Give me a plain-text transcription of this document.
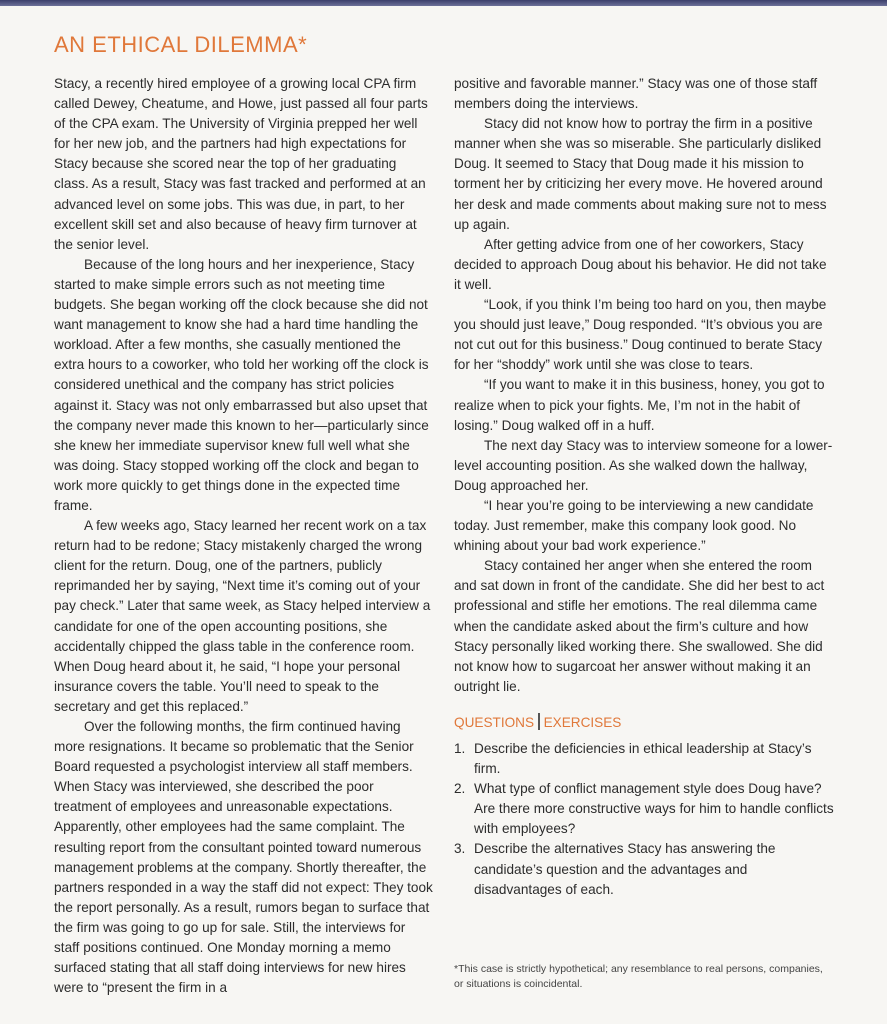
AN ETHICAL DILEMMA*

Stacy, a recently hired employee of a growing local CPA firm called Dewey, Cheatume, and Howe, just passed all four parts of the CPA exam. The University of Virginia prepped her well for her new job, and the partners had high expectations for Stacy because she scored near the top of her graduating class. As a result, Stacy was fast tracked and performed at an advanced level on some jobs. This was due, in part, to her excellent skill set and also because of heavy firm turnover at the senior level.

Because of the long hours and her inexperience, Stacy started to make simple errors such as not meeting time budgets. She began working off the clock because she did not want management to know she had a hard time handling the workload. After a few months, she casually mentioned the extra hours to a coworker, who told her working off the clock is considered unethical and the company has strict policies against it. Stacy was not only embarrassed but also upset that the company never made this known to her—particularly since she knew her immediate supervisor knew full well what she was doing. Stacy stopped working off the clock and began to work more quickly to get things done in the expected time frame.

A few weeks ago, Stacy learned her recent work on a tax return had to be redone; Stacy mistakenly charged the wrong client for the return. Doug, one of the partners, publicly reprimanded her by saying, “Next time it’s coming out of your pay check.” Later that same week, as Stacy helped interview a candidate for one of the open accounting positions, she accidentally chipped the glass table in the conference room. When Doug heard about it, he said, “I hope your personal insurance covers the table. You’ll need to speak to the secretary and get this replaced.”

Over the following months, the firm continued having more resignations. It became so problematic that the Senior Board requested a psychologist interview all staff members. When Stacy was interviewed, she described the poor treatment of employees and unreasonable expectations. Apparently, other employees had the same complaint. The resulting report from the consultant pointed toward numerous management problems at the company. Shortly thereafter, the partners responded in a way the staff did not expect: They took the report personally. As a result, rumors began to surface that the firm was going to go up for sale. Still, the interviews for staff positions continued. One Monday morning a memo surfaced stating that all staff doing interviews for new hires were to “present the firm in a

positive and favorable manner.” Stacy was one of those staff members doing the interviews.

Stacy did not know how to portray the firm in a positive manner when she was so miserable. She particularly disliked Doug. It seemed to Stacy that Doug made it his mission to torment her by criticizing her every move. He hovered around her desk and made comments about making sure not to mess up again.

After getting advice from one of her coworkers, Stacy decided to approach Doug about his behavior. He did not take it well.

“Look, if you think I’m being too hard on you, then maybe you should just leave,” Doug responded. “It’s obvious you are not cut out for this business.” Doug continued to berate Stacy for her “shoddy” work until she was close to tears.

“If you want to make it in this business, honey, you got to realize when to pick your fights. Me, I’m not in the habit of losing.” Doug walked off in a huff.

The next day Stacy was to interview someone for a lower-level accounting position. As she walked down the hallway, Doug approached her.

“I hear you’re going to be interviewing a new candidate today. Just remember, make this company look good. No whining about your bad work experience.”

Stacy contained her anger when she entered the room and sat down in front of the candidate. She did her best to act professional and stifle her emotions. The real dilemma came when the candidate asked about the firm’s culture and how Stacy personally liked working there. She swallowed. She did not know how to sugarcoat her answer without making it an outright lie.

QUESTIONS EXERCISES
1. Describe the deficiencies in ethical leadership at Stacy’s firm.
2. What type of conflict management style does Doug have? Are there more constructive ways for him to handle conflicts with employees?
3. Describe the alternatives Stacy has answering the candidate’s question and the advantages and disadvantages of each.
*This case is strictly hypothetical; any resemblance to real persons, companies, or situations is coincidental.
